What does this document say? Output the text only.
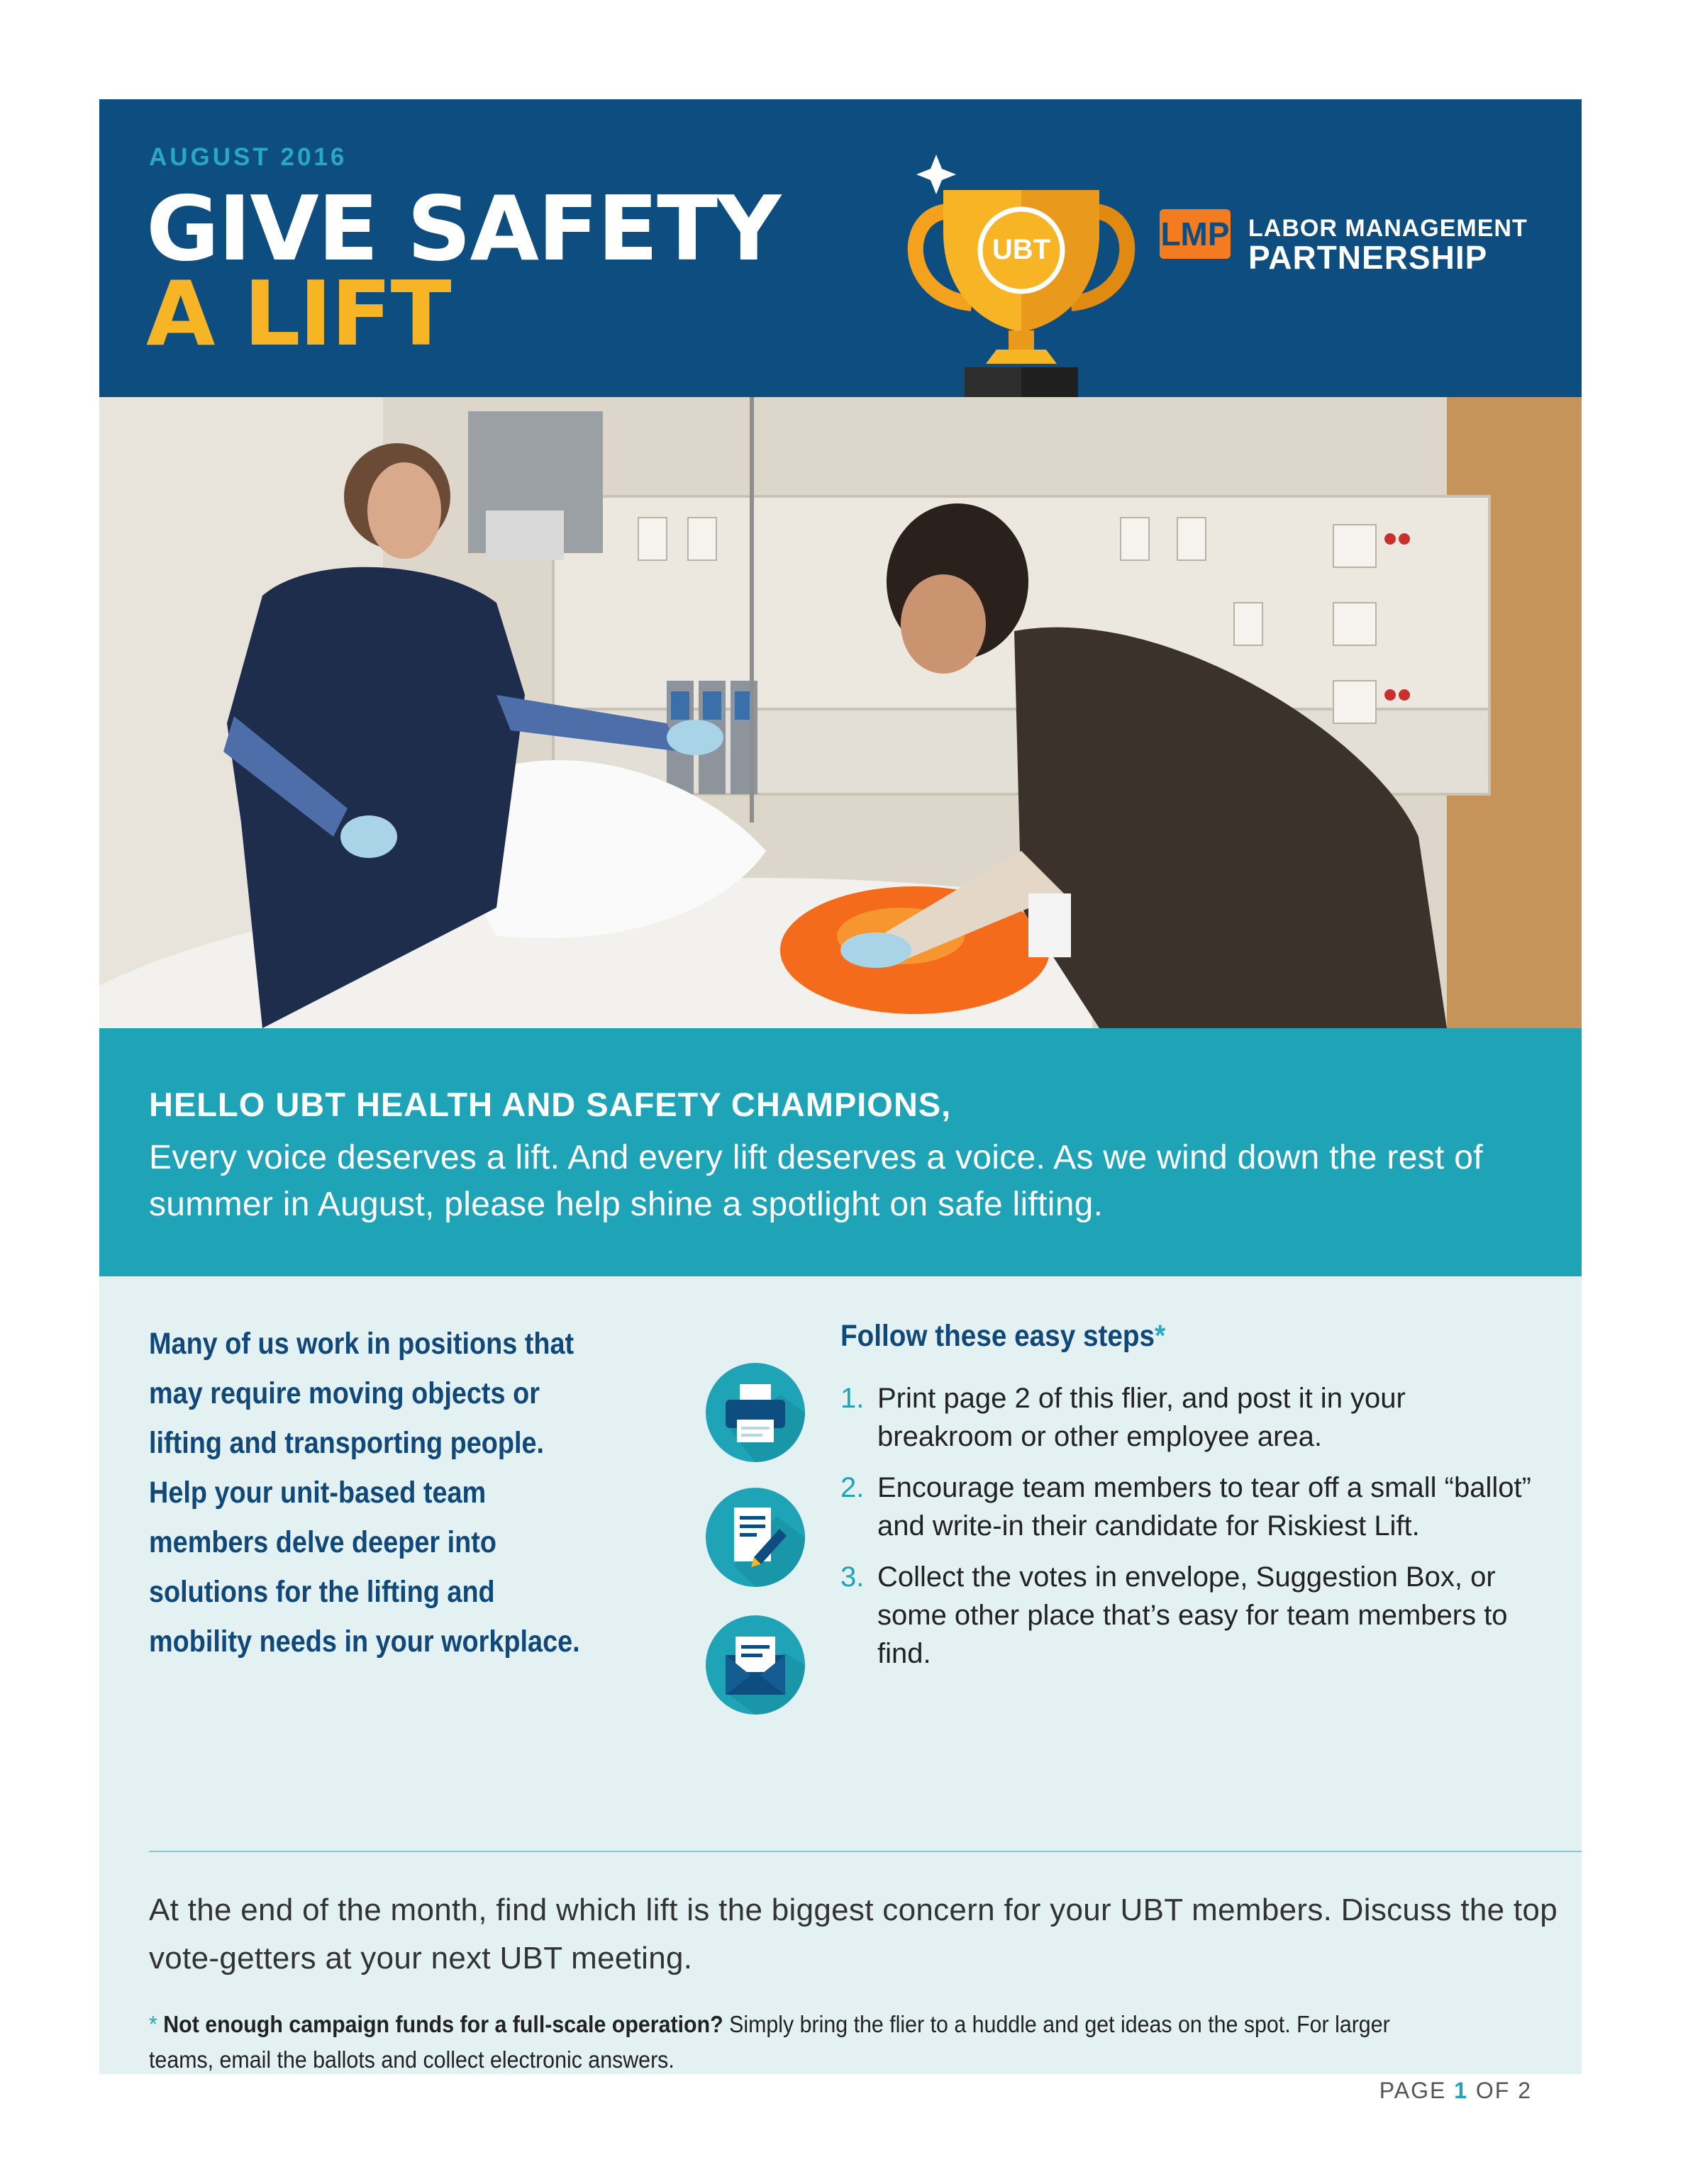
AUGUST 2016
GIVE SAFETY
A LIFT
UBT	LMP LABOR MANAGEMENT
PARTNERSHIP
HELLO UBT HEALTH AND SAFETY CHAMPIONS,
Every voice deserves a lift. And every lift deserves a voice. As we wind down the rest of summer in August, please help shine a spotlight on safe lifting.
Many of us work in positions that may require moving objects or lifting and transporting people. Help your unit-based team members delve deeper into solutions for the lifting and mobility needs in your workplace.
Follow these easy steps*
1. Print page 2 of this flier, and post it in your breakroom or other employee area.
2. Encourage team members to tear off a small “ballot” and write-in their candidate for Riskiest Lift.
3. Collect the votes in envelope, Suggestion Box, or some other place that’s easy for team members to find.
At the end of the month, find which lift is the biggest concern for your UBT members. Discuss the top vote-getters at your next UBT meeting.
* Not enough campaign funds for a full-scale operation? Simply bring the flier to a huddle and get ideas on the spot. For larger teams, email the ballots and collect electronic answers.
PAGE 1 OF 2
